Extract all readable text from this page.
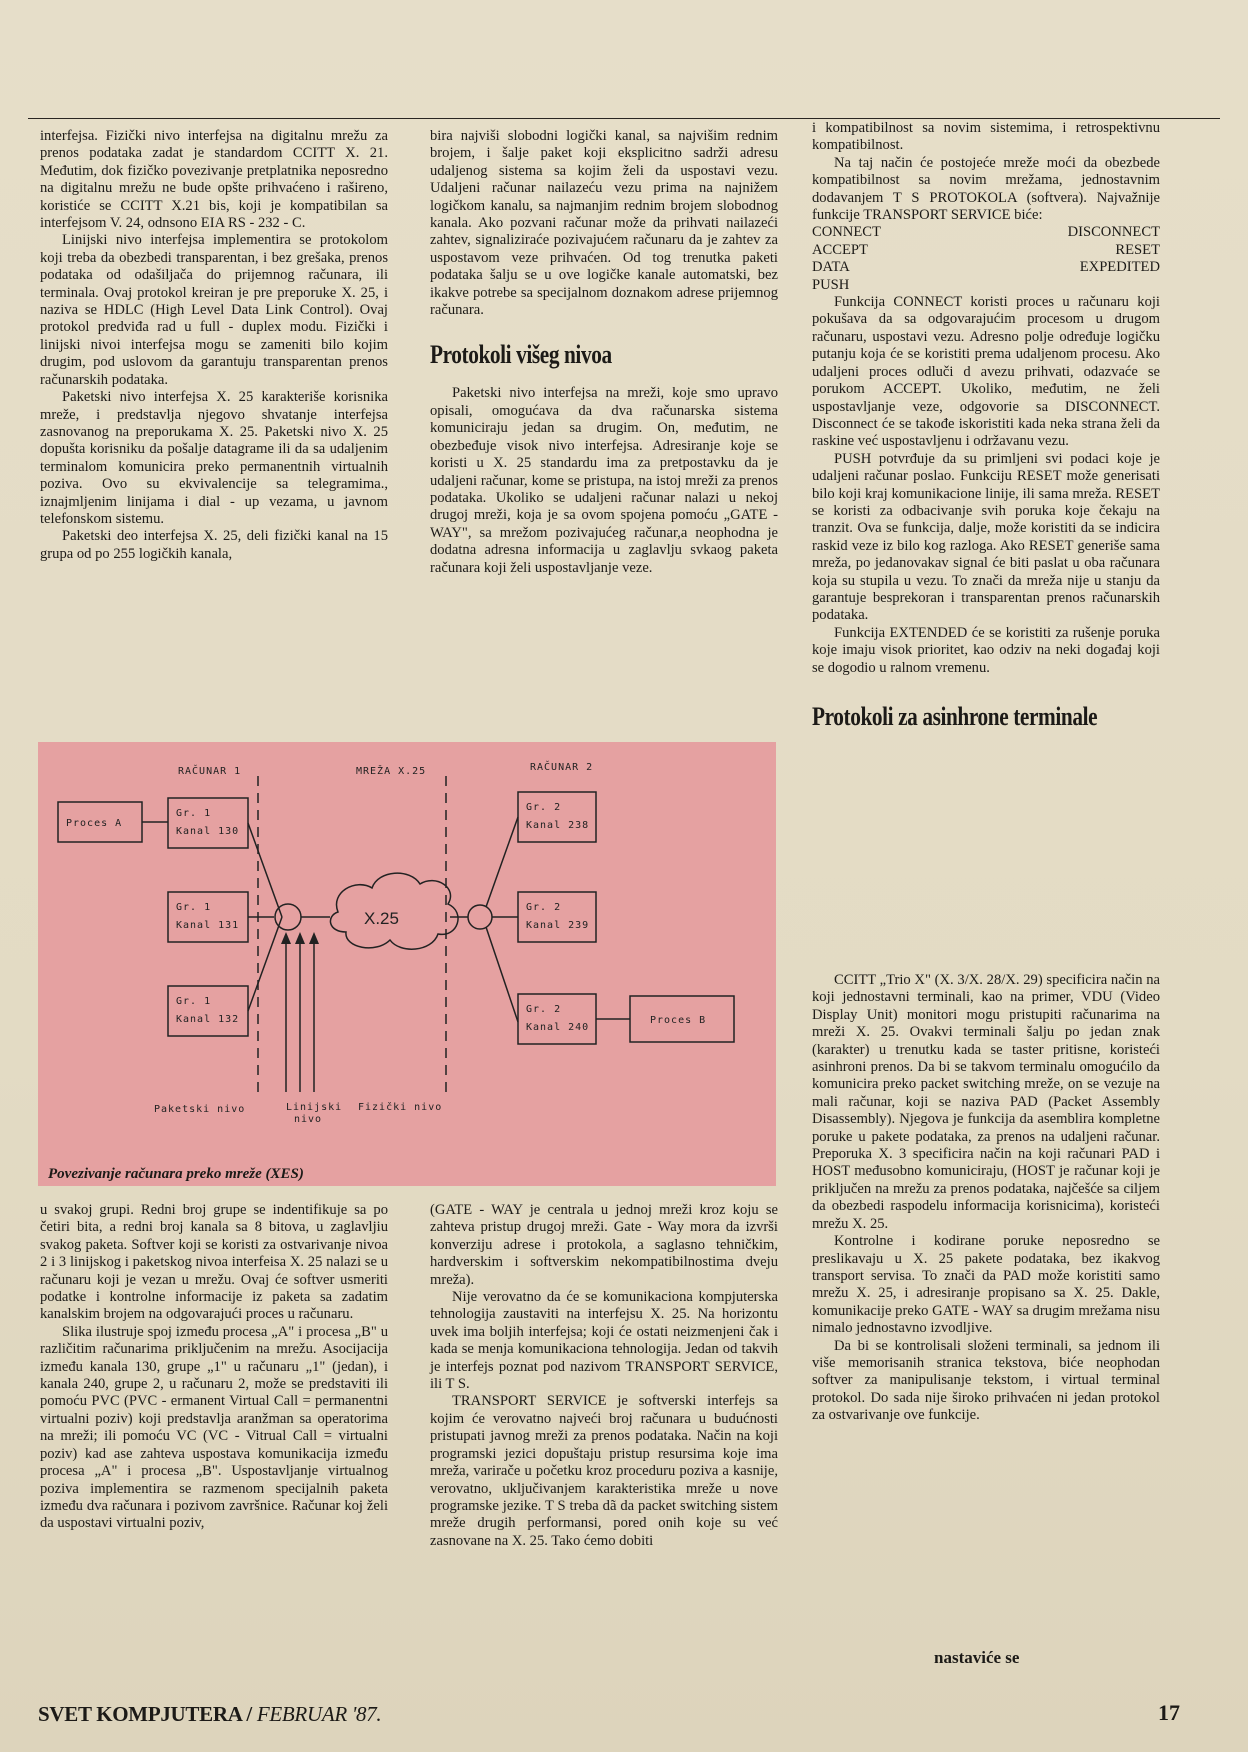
interfejsa. Fizički nivo interfejsa na digitalnu mrežu za prenos podataka zadat je standardom CCITT X. 21. Međutim, dok fizičko povezivanje pretplatnika neposredno na digitalnu mrežu ne bude opšte prihvaćeno i rašireno, koristiće se CCITT X.21 bis, koji je kompatibilan sa interfejsom V. 24, odnsono EIA RS - 232 - C.

Linijski nivo interfejsa implementira se protokolom koji treba da obezbedi transparentan, i bez grešaka, prenos podataka od odašiljača do prijemnog računara, ili terminala. Ovaj protokol kreiran je pre preporuke X. 25, i naziva se HDLC (High Level Data Link Control). Ovaj protokol predviđa rad u full - duplex modu. Fizički i linijski nivoi interfejsa mogu se zameniti bilo kojim drugim, pod uslovom da garantuju transparentan prenos računarskih podataka.

Paketski nivo interfejsa X. 25 karakteriše korisnika mreže, i predstavlja njegovo shvatanje interfejsa zasnovanog na preporukama X. 25. Paketski nivo X. 25 dopušta korisniku da pošalje datagrame ili da sa udaljenim terminalom komunicira preko permanentnih virtualnih poziva. Ovo su ekvivalencije sa telegramima., iznajmljenim linijama i dial - up vezama, u javnom telefonskom sistemu.

Paketski deo interfejsa X. 25, deli fizički kanal na 15 grupa od po 255 logičkih kanala,

bira najviši slobodni logički kanal, sa najvišim rednim brojem, i šalje paket koji eksplicitno sadrži adresu udaljenog sistema sa kojim želi da uspostavi vezu. Udaljeni računar nailazeću vezu prima na najnižem logičkom kanalu, sa najmanjim rednim brojem slobodnog kanala. Ako pozvani računar može da prihvati nailazeći zahtev, signaliziraće pozivajućem računaru da je zahtev za uspostavom veze prihvaćen. Od tog trenutka paketi podataka šalju se u ove logičke kanale automatski, bez ikakve potrebe sa specijalnom doznakom adrese prijemnog računara.

Protokoli višeg nivoa

Paketski nivo interfejsa na mreži, koje smo upravo opisali, omogućava da dva računarska sistema komuniciraju jedan sa drugim. On, međutim, ne obezbeđuje visok nivo interfejsa. Adresiranje koje se koristi u X. 25 standardu ima za pretpostavku da je udaljeni računar, kome se pristupa, na istoj mreži za prenos podataka. Ukoliko se udaljeni računar nalazi u nekoj drugoj mreži, koja je sa ovom spojena pomoću „GATE - WAY", sa mrežom pozivajućeg računar,a neophodna je dodatna adresna informacija u zaglavlju svkaog paketa računara koji želi uspostavljanje veze.

i kompatibilnost sa novim sistemima, i retrospektivnu kompatibilnost.

Na taj način će postojeće mreže moći da obezbede kompatibilnost sa novim mrežama, jednostavnim dodavanjem T S PROTOKOLA (softvera). Najvažnije funkcije TRANSPORT SERVICE biće:

CONNECT	DISCONNECT
ACCEPT	RESET
DATA	EXPEDITED
PUSH

Funkcija CONNECT koristi proces u računaru koji pokušava da sa odgovarajućim procesom u drugom računaru, uspostavi vezu. Adresno polje određuje logičku putanju koja će se koristiti prema udaljenom procesu. Ako udaljeni proces odluči d avezu prihvati, odazvaće se porukom ACCEPT. Ukoliko, međutim, ne želi uspostavljanje veze, odgovorie sa DISCONNECT. Disconnect će se takođe iskoristiti kada neka strana želi da raskine već uspostavljenu i održavanu vezu.

PUSH potvrđuje da su primljeni svi podaci koje je udaljeni računar poslao. Funkciju RESET može generisati bilo koji kraj komunikacione linije, ili sama mreža. RESET se koristi za odbacivanje svih poruka koje čekaju na tranzit. Ova se funkcija, dalje, može koristiti da se indicira raskid veze iz bilo kog razloga. Ako RESET generiše sama mreža, po jedanovakav signal će biti paslat u oba računara koja su stupila u vezu. To znači da mreža nije u stanju da garantuje besprekoran i transparentan prenos računarskih podataka.

Funkcija EXTENDED će se koristiti za rušenje poruka koje imaju visok prioritet, kao odziv na neki događaj koji se dogodio u ralnom vremenu.

Protokoli za asinhrone terminale
RAČUNAR 1	MREŽA X.25	RAČUNAR 2
Proces A
Gr. 1
Kanal 130
Gr. 1
Kanal 131
Gr. 1
Kanal 132
X.25
Gr. 2
Kanal 238
Gr. 2
Kanal 239
Gr. 2
Kanal 240
Proces B
Paketski nivo	Linijski
nivo
Fizički nivo
Povezivanje računara preko mreže (XES)

u svakoj grupi. Redni broj grupe se indentifikuje sa po četiri bita, a redni broj kanala sa 8 bitova, u zaglavljiu svakog paketa. Softver koji se koristi za ostvarivanje nivoa 2 i 3 linijskog i paketskog nivoa interfeisa X. 25 nalazi se u računaru koji je vezan u mrežu. Ovaj će softver usmeriti podatke i kontrolne informacije iz paketa sa zadatim kanalskim brojem na odgovarajući proces u računaru.

Slika ilustruje spoj između procesa „A" i procesa „B" u različitim računarima priključenim na mrežu. Asocijacija između kanala 130, grupe „1" u računaru „1" (jedan), i kanala 240, grupe 2, u računaru 2, može se predstaviti ili pomoću PVC (PVC - ermanent Virtual Call = permanentni virtualni poziv) koji predstavlja aranžman sa operatorima na mreži; ili pomoću VC (VC - Vitrual Call = virtualni poziv) kad ase zahteva uspostava komunikacija između procesa „A" i procesa „B". Uspostavljanje virtualnog poziva implementira se razmenom specijalnih paketa između dva računara i pozivom završnice. Računar koj želi da uspostavi virtualni poziv,

(GATE - WAY je centrala u jednoj mreži kroz koju se zahteva pristup drugoj mreži. Gate - Way mora da izvrši konverziju adrese i protokola, a saglasno tehničkim, hardverskim i softverskim nekompatibilnostima dveju mreža).

Nije verovatno da će se komunikaciona kompjuterska tehnologija zaustaviti na interfejsu X. 25. Na horizontu uvek ima boljih interfejsa; koji će ostati neizmenjeni čak i kada se menja komunikaciona tehnologija. Jedan od takvih je interfejs poznat pod nazivom TRANSPORT SERVICE, ili T S.

TRANSPORT SERVICE je softverski interfejs sa kojim će verovatno najveći broj računara u budućnosti pristupati javnog mreži za prenos podataka. Način na koji programski jezici dopuštaju pristup resursima koje ima mreža, varirače u početku kroz proceduru poziva a kasnije, verovatno, uključivanjem karakteristika mreže u nove programske jezike. T S treba dã da packet switching sistem mreže drugih performansi, pored onih koje su već zasnovane na X. 25. Tako ćemo dobiti

CCITT „Trio X" (X. 3/X. 28/X. 29) specificira način na koji jednostavni terminali, kao na primer, VDU (Video Display Unit) monitori mogu pristupiti računarima na mreži X. 25. Ovakvi terminali šalju po jedan znak (karakter) u trenutku kada se taster pritisne, koristeći asinhroni prenos. Da bi se takvom terminalu omogućilo da komunicira preko packet switching mreže, on se vezuje na mali računar, koji se naziva PAD (Packet Assembly Disassembly). Njegova je funkcija da asemblira kompletne poruke u pakete podataka, za prenos na udaljeni računar. Preporuka X. 3 specificira način na koji računari PAD i HOST međusobno komuniciraju, (HOST je računar koji je priključen na mrežu za prenos podataka, najčešće sa ciljem da obezbedi raspodelu informacija korisnicima), koristeći mrežu X. 25.

Kontrolne i kodirane poruke neposredno se preslikavaju u X. 25 pakete podataka, bez ikakvog transport servisa. To znači da PAD može koristiti samo mrežu X. 25, i adresiranje propisano sa X. 25. Dakle, komunikacije preko GATE - WAY sa drugim mrežama nisu nimalo jednostavno izvodljive.

Da bi se kontrolisali složeni terminali, sa jednom ili više memorisanih stranica tekstova, biće neophodan softver za manipulisanje tekstom, i virtual terminal protokol. Do sada nije široko prihvaćen ni jedan protokol za ostvarivanje ove funkcije.

nastaviće se
SVET KOMPJUTERA / FEBRUAR '87.	17
